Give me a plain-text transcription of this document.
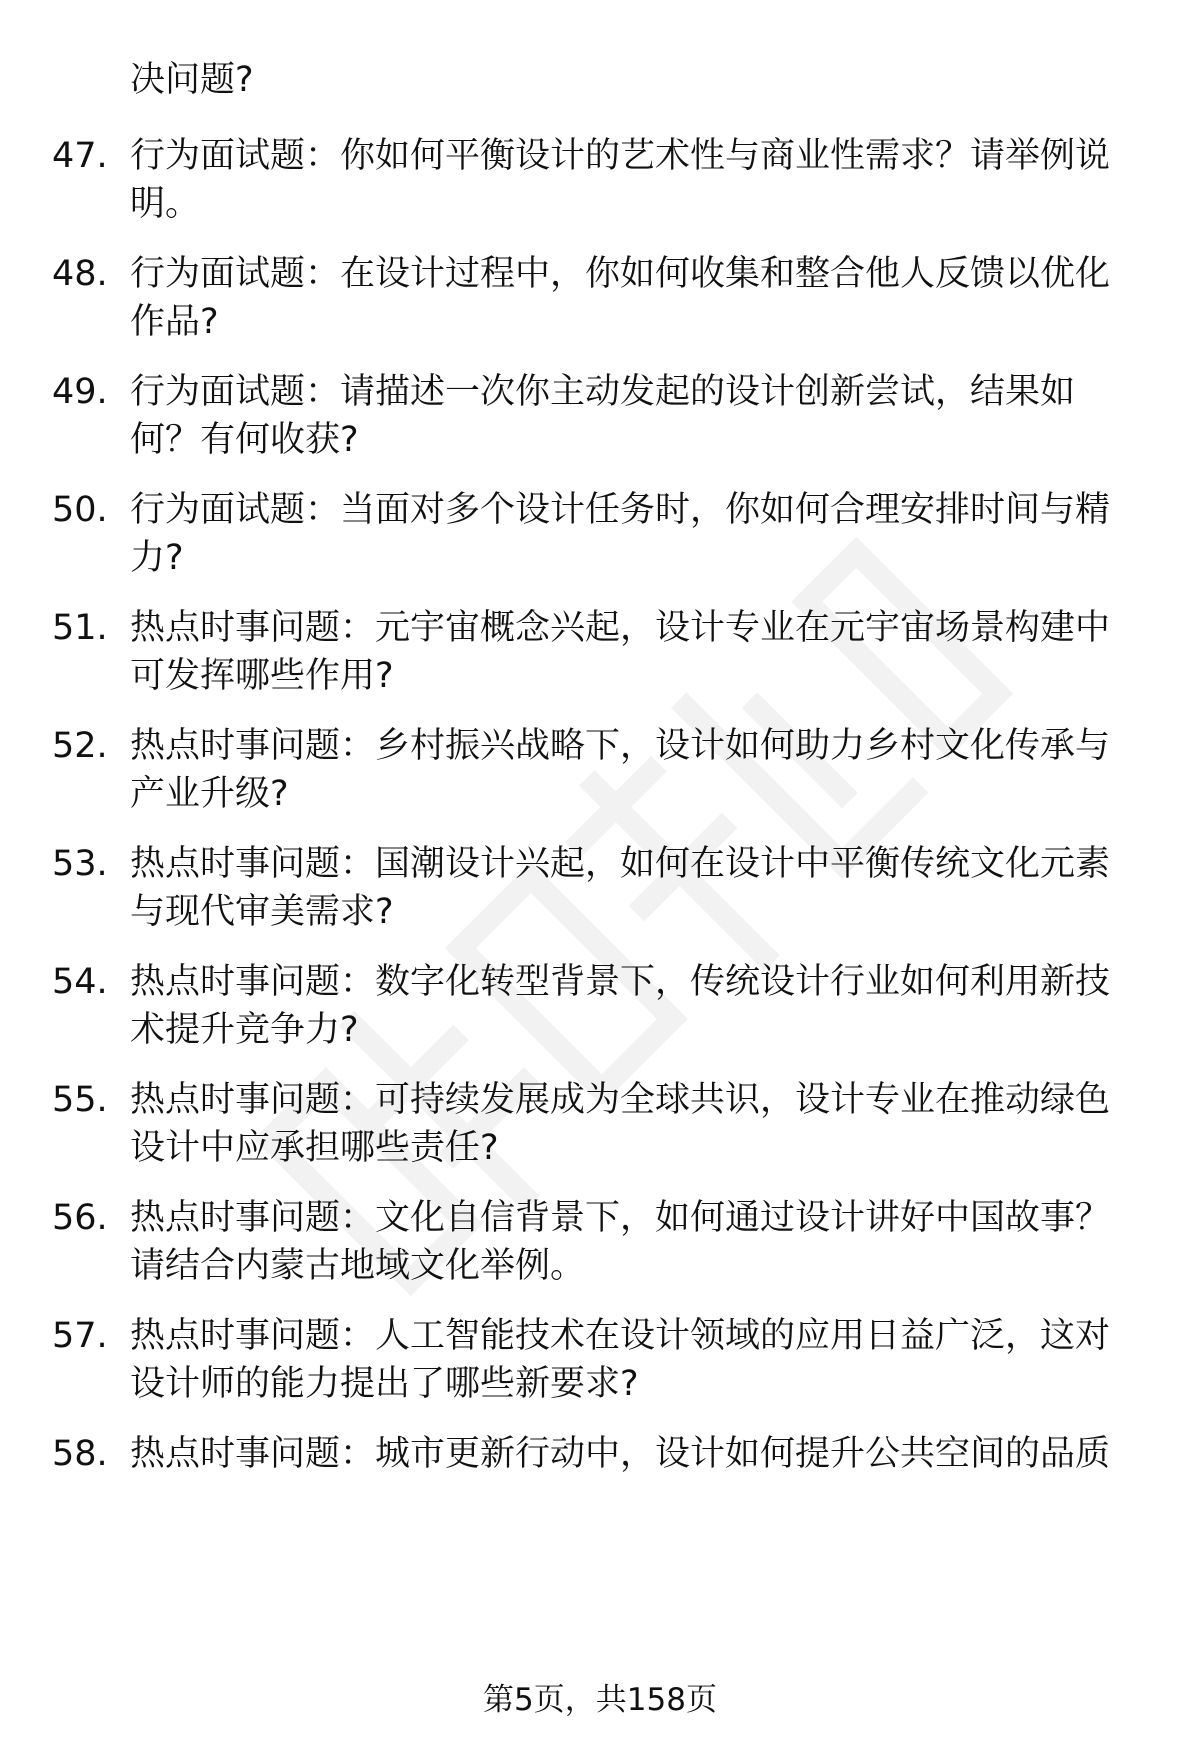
决问题?
47. 行为面试题：你如何平衡设计的艺术性与商业性需求？请举例说明。
48. 行为面试题：在设计过程中，你如何收集和整合他人反馈以优化作品?
49. 行为面试题：请描述一次你主动发起的设计创新尝试，结果如何？有何收获?
50. 行为面试题：当面对多个设计任务时，你如何合理安排时间与精力?
51. 热点时事问题：元宇宙概念兴起，设计专业在元宇宙场景构建中可发挥哪些作用?
52. 热点时事问题：乡村振兴战略下，设计如何助力乡村文化传承与产业升级?
53. 热点时事问题：国潮设计兴起，如何在设计中平衡传统文化元素与现代审美需求?
54. 热点时事问题：数字化转型背景下，传统设计行业如何利用新技术提升竞争力?
55. 热点时事问题：可持续发展成为全球共识，设计专业在推动绿色设计中应承担哪些责任?
56. 热点时事问题：文化自信背景下，如何通过设计讲好中国故事？请结合内蒙古地域文化举例。
57. 热点时事问题：人工智能技术在设计领域的应用日益广泛，这对设计师的能力提出了哪些新要求?
58. 热点时事问题：城市更新行动中，设计如何提升公共空间的品质
第5页，共158页
